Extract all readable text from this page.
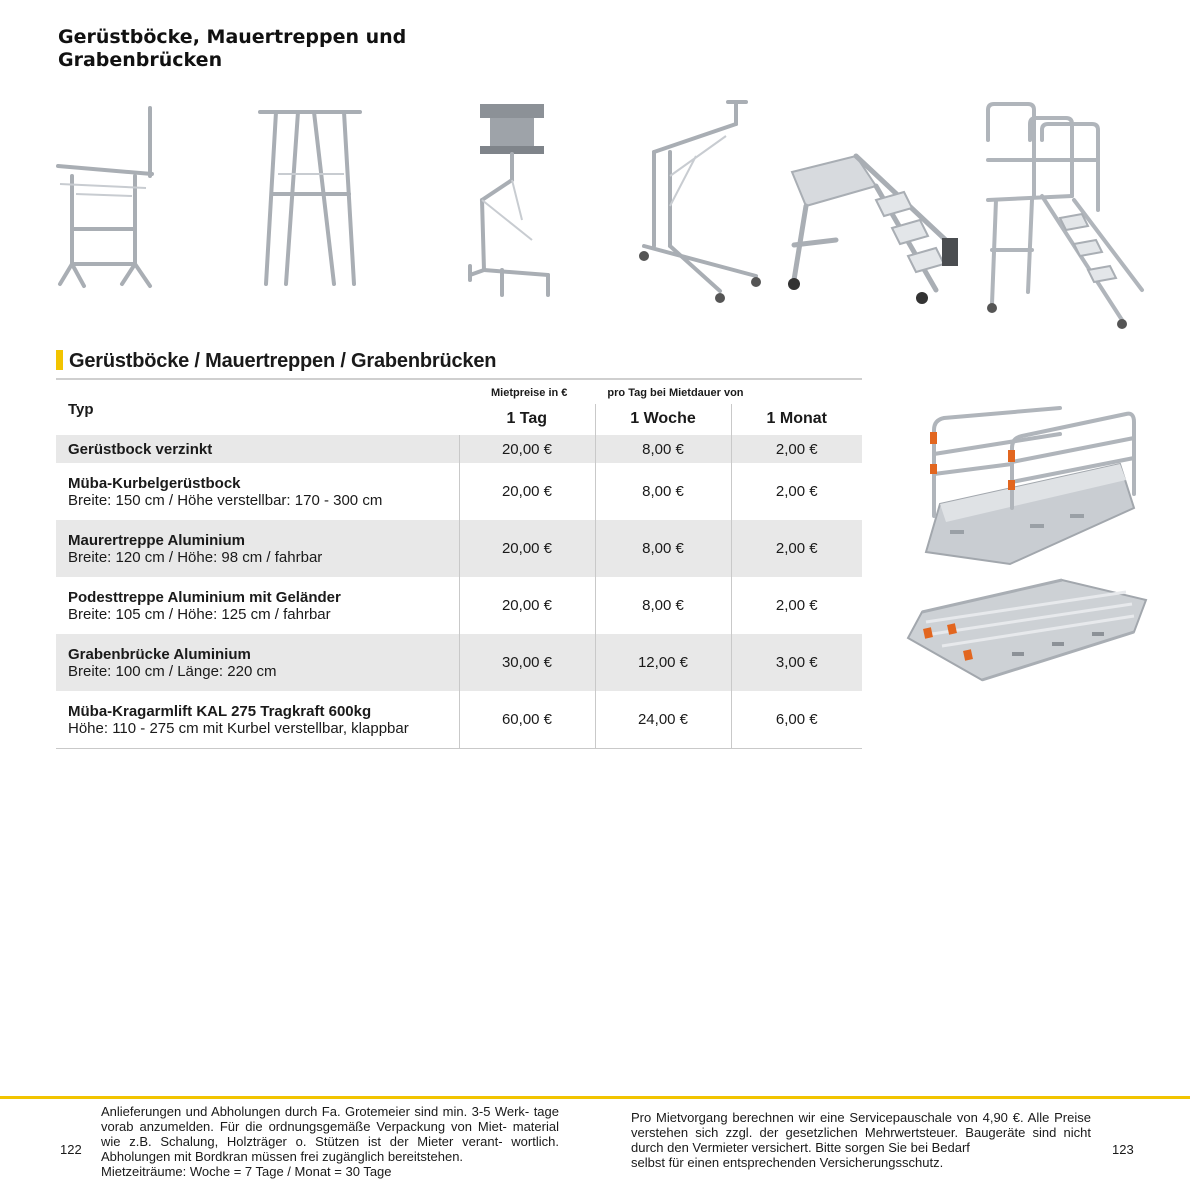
Gerüstböcke, Mauertreppen und
Grabenbrücken
Gerüstböcke / Mauertreppen / Grabenbrücken
Typ	Mietpreise in € pro Tag bei Mietdauer von		
	1 Tag	1 Woche	1 Monat

Gerüstbock verzinkt	20,00 €	8,00 €	2,00 €

Müba-Kurbelgerüstbock
Breite: 150 cm / Höhe verstellbar: 170 - 300 cm	20,00 €	8,00 €	2,00 €

Maurertreppe Aluminium
Breite: 120 cm / Höhe: 98 cm / fahrbar	20,00 €	8,00 €	2,00 €

Podesttreppe Aluminium mit Geländer
Breite: 105 cm / Höhe: 125 cm / fahrbar	20,00 €	8,00 €	2,00 €

Grabenbrücke Aluminium
Breite: 100 cm / Länge: 220 cm	30,00 €	12,00 €	3,00 €

Müba-Kragarmlift KAL 275 Tragkraft 600kg
Höhe: 110 - 275 cm mit Kurbel verstellbar, klappbar	60,00 €	24,00 €	6,00 €
122

Anlieferungen und Abholungen durch Fa. Grotemeier sind min. 3-5 Werk- tage vorab anzumelden. Für die ordnungsgemäße Verpackung von Miet- material wie z.B. Schalung, Holzträger o. Stützen ist der Mieter verant- wortlich. Abholungen mit Bordkran müssen frei zugänglich bereitstehen.
Mietzeiträume: Woche = 7 Tage / Monat = 30 Tage

Pro Mietvorgang berechnen wir eine Servicepauschale von 4,90 €. Alle Preise verstehen sich zzgl. der gesetzlichen Mehrwertsteuer. Baugeräte sind nicht durch den Vermieter versichert. Bitte sorgen Sie bei Bedarf
selbst für einen entsprechenden Versicherungsschutz.

123
